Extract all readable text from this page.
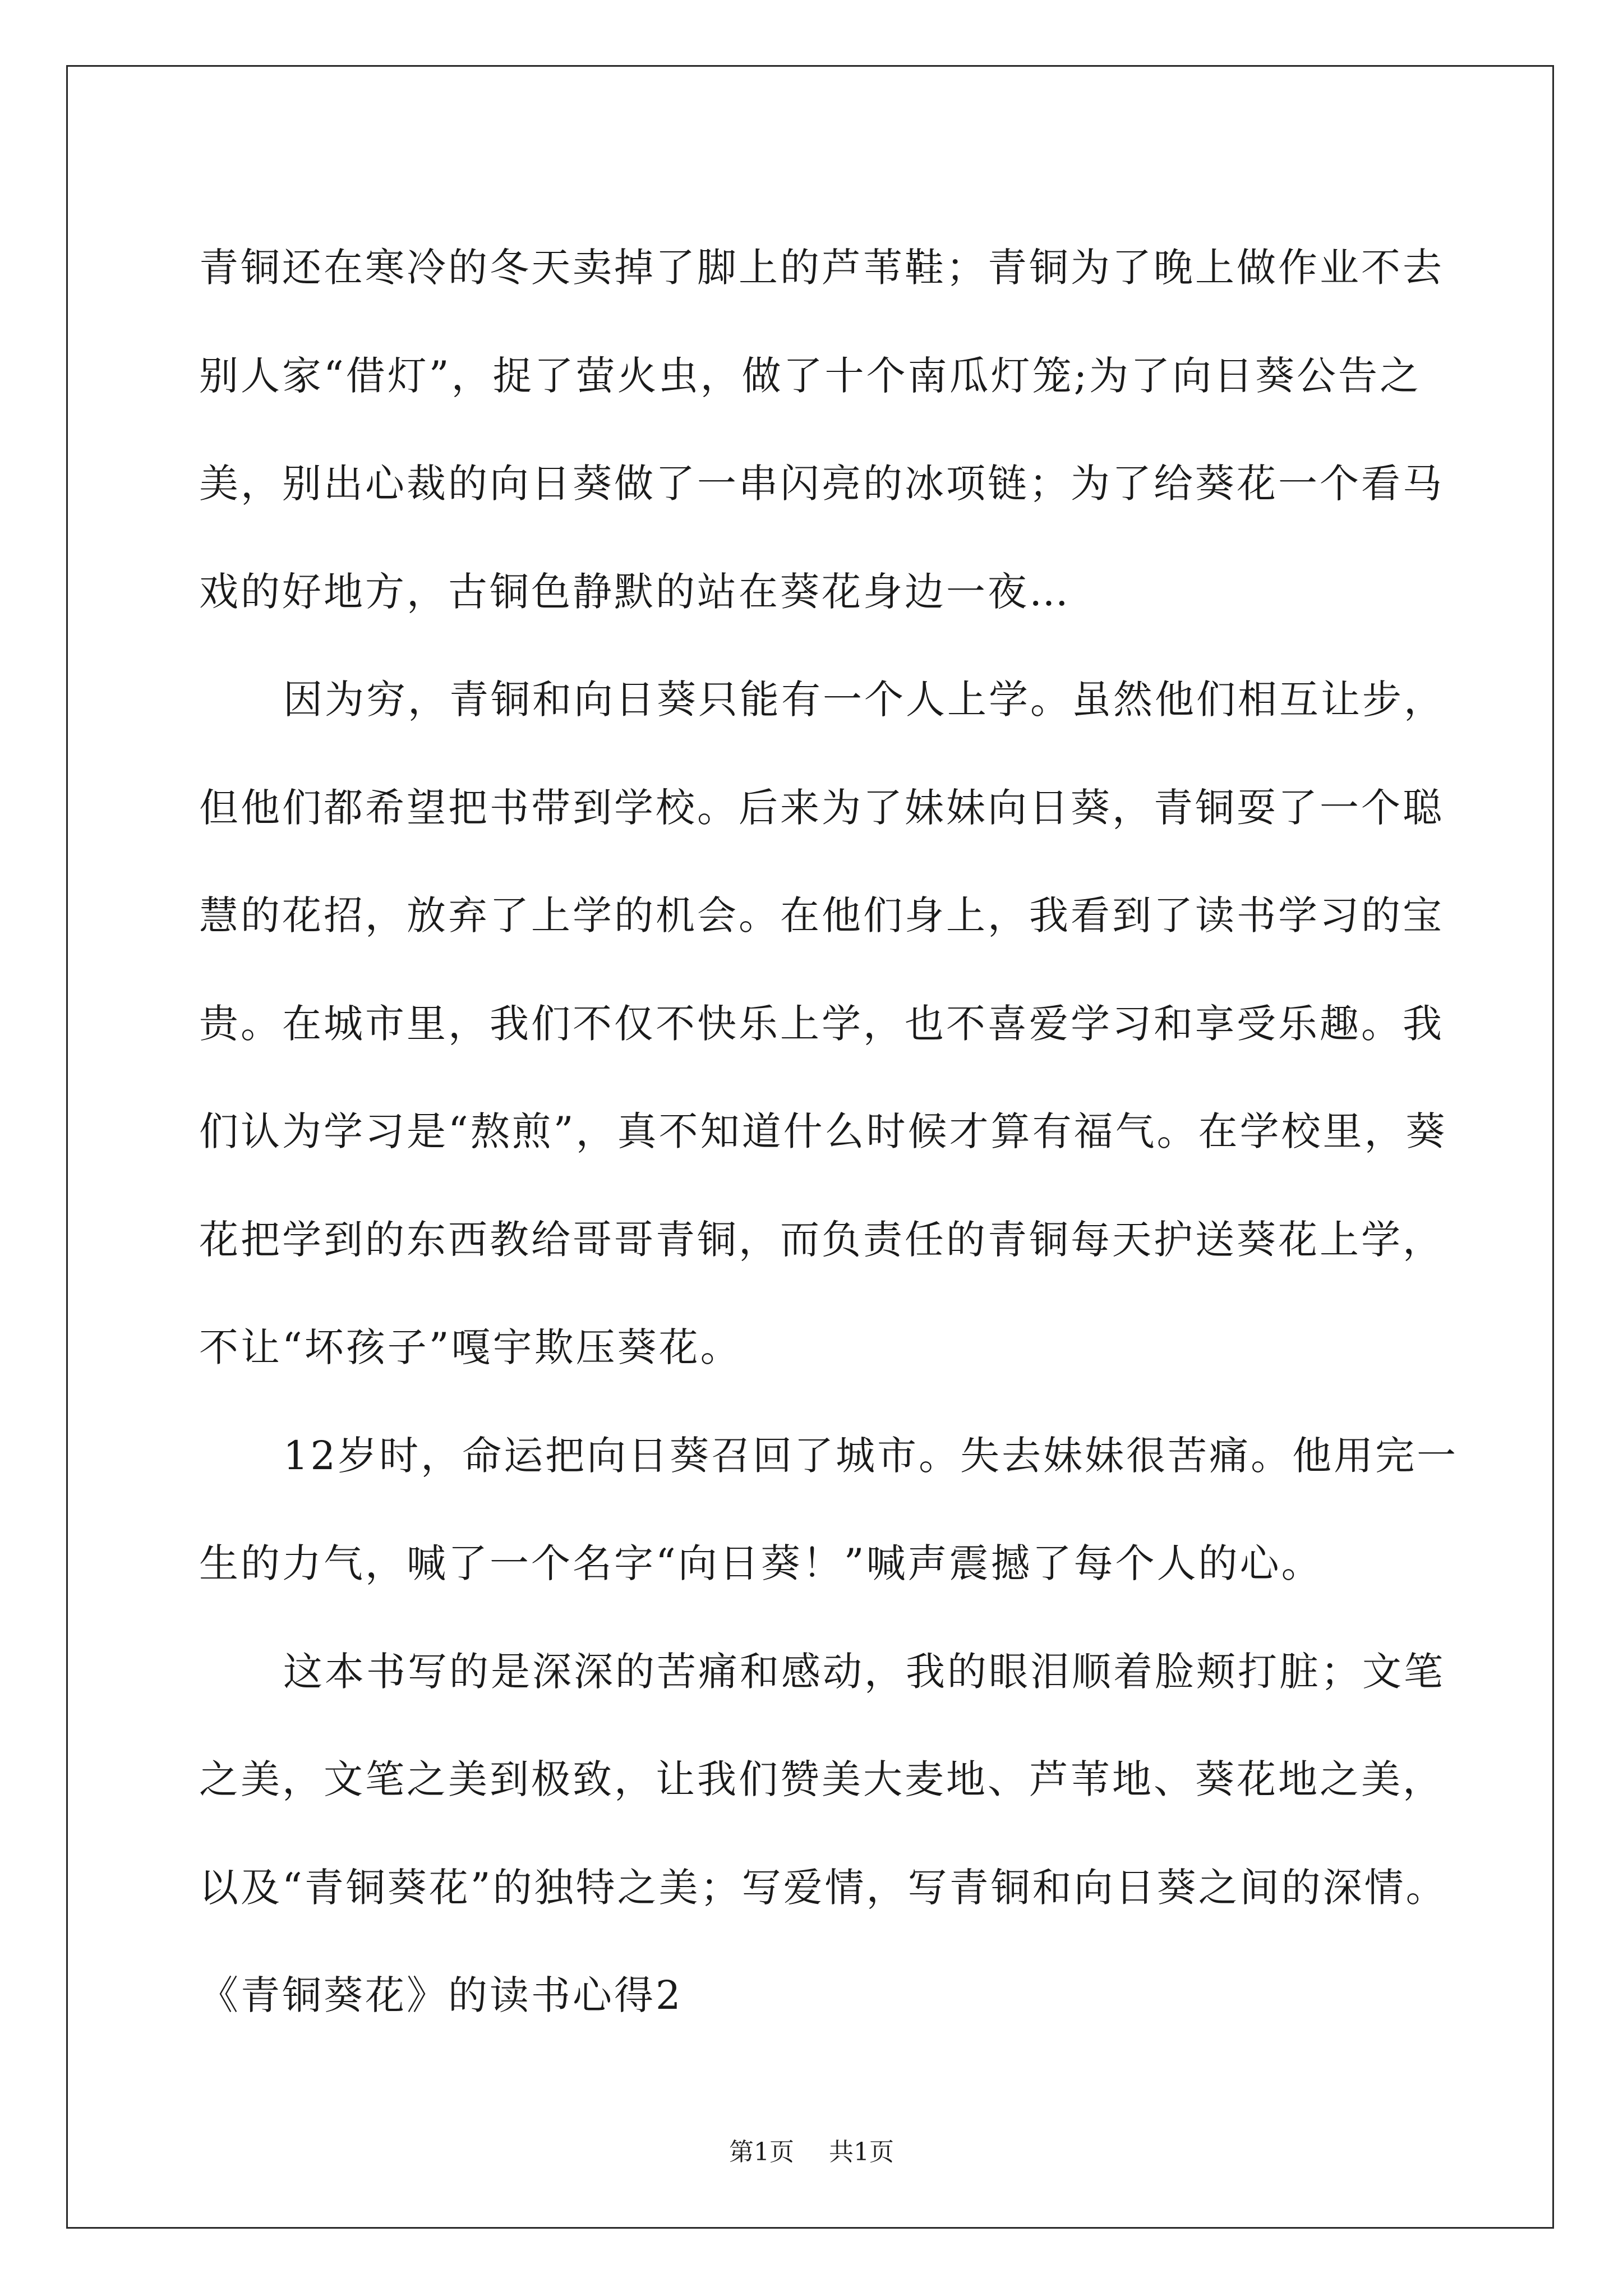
青铜还在寒冷的冬天卖掉了脚上的芦苇鞋；青铜为了晚上做作业不去
别人家“借灯”，捉了萤火虫，做了十个南瓜灯笼;为了向日葵公告之
美，别出心裁的向日葵做了一串闪亮的冰项链；为了给葵花一个看马
戏的好地方，古铜色静默的站在葵花身边一夜…
因为穷，青铜和向日葵只能有一个人上学。虽然他们相互让步，
但他们都希望把书带到学校。后来为了妹妹向日葵，青铜耍了一个聪
慧的花招，放弃了上学的机会。在他们身上，我看到了读书学习的宝
贵。在城市里，我们不仅不快乐上学，也不喜爱学习和享受乐趣。我
们认为学习是“熬煎”，真不知道什么时候才算有福气。在学校里，葵
花把学到的东西教给哥哥青铜，而负责任的青铜每天护送葵花上学，
不让“坏孩子”嘎宇欺压葵花。
12岁时，命运把向日葵召回了城市。失去妹妹很苦痛。他用完一
生的力气，喊了一个名字“向日葵！”喊声震撼了每个人的心。
这本书写的是深深的苦痛和感动，我的眼泪顺着脸颊打脏；文笔
之美，文笔之美到极致，让我们赞美大麦地、芦苇地、葵花地之美，
以及“青铜葵花”的独特之美；写爱情，写青铜和向日葵之间的深情。
《青铜葵花》的读书心得2
第1页 共1页
